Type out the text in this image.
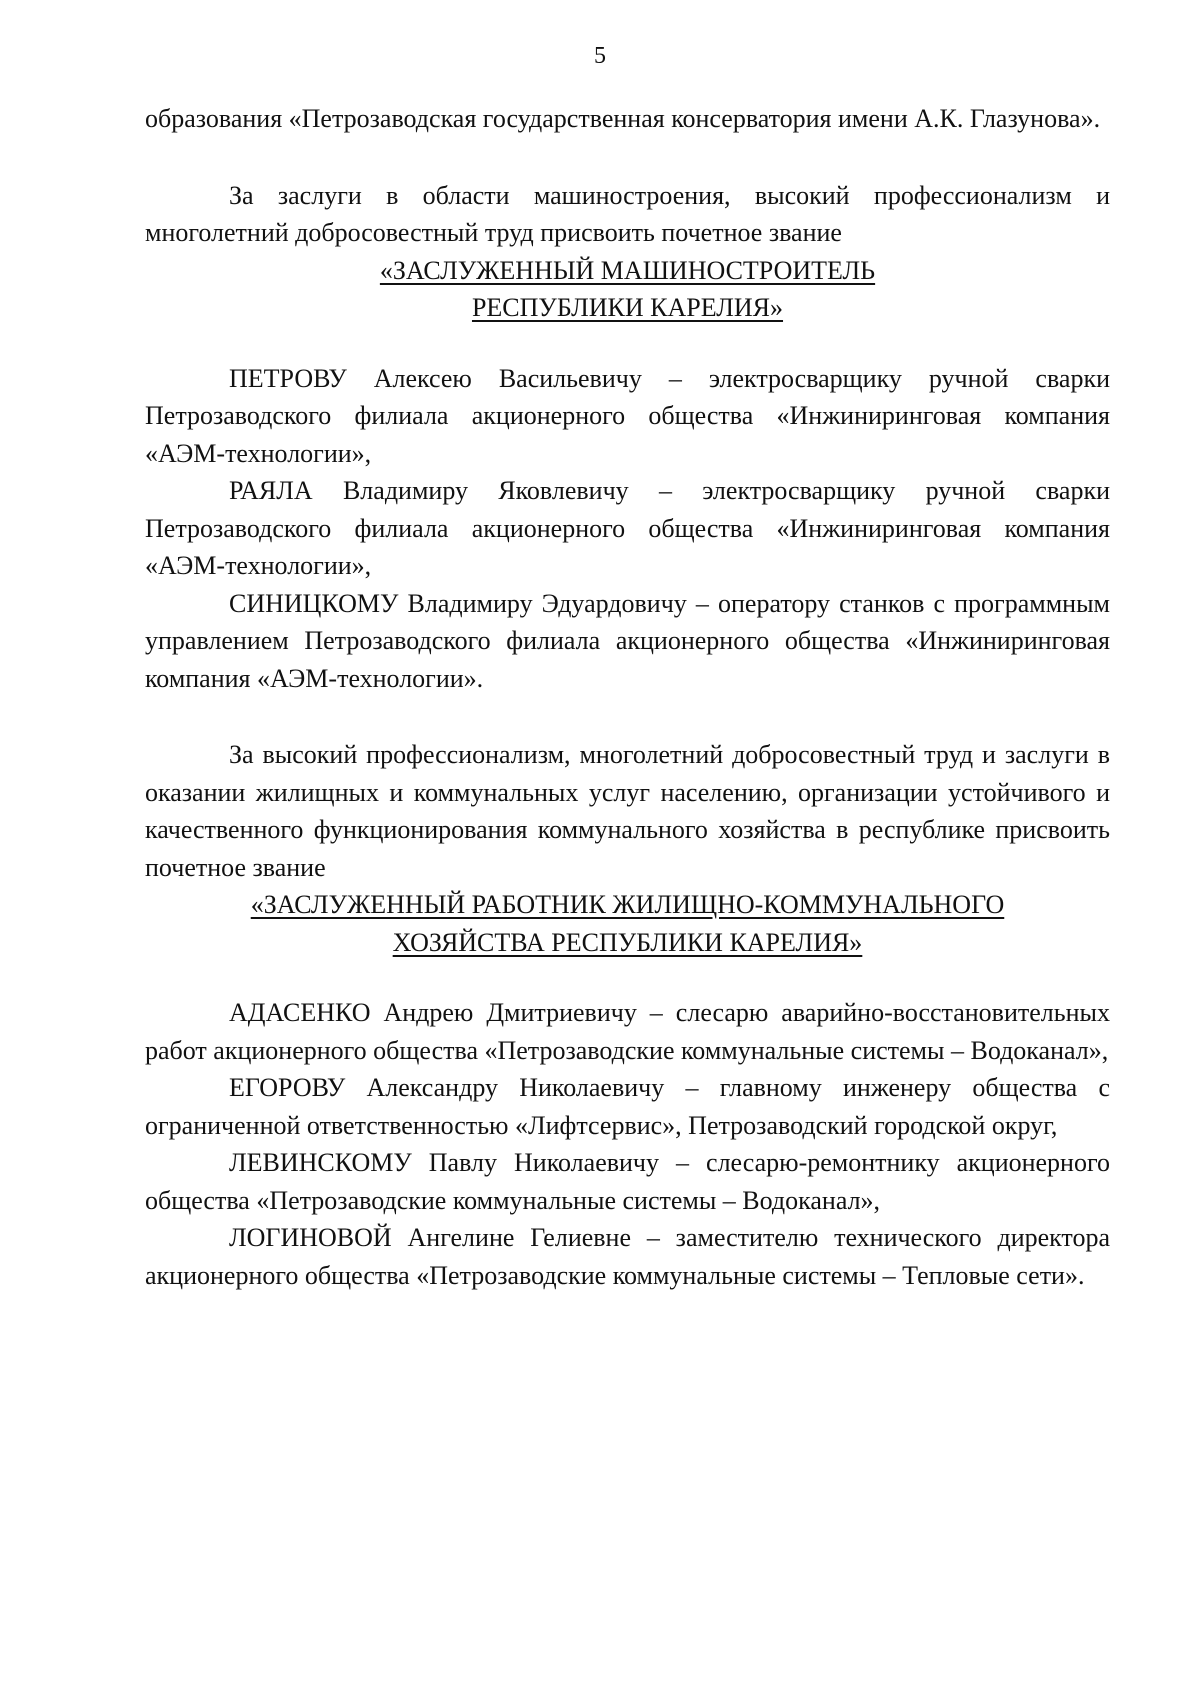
5

образования «Петрозаводская государственная консерватория имени А.К. Глазунова».

За заслуги в области машиностроения, высокий профессионализм и многолетний добросовестный труд присвоить почетное звание

«ЗАСЛУЖЕННЫЙ МАШИНОСТРОИТЕЛЬ
РЕСПУБЛИКИ КАРЕЛИЯ»

ПЕТРОВУ Алексею Васильевичу – электросварщику ручной сварки Петрозаводского филиала акционерного общества «Инжиниринговая компания «АЭМ-технологии»,

РАЯЛА Владимиру Яковлевичу – электросварщику ручной сварки Петрозаводского филиала акционерного общества «Инжиниринговая компания «АЭМ-технологии»,

СИНИЦКОМУ Владимиру Эдуардовичу – оператору станков с программным управлением Петрозаводского филиала акционерного общества «Инжиниринговая компания «АЭМ-технологии».

За высокий профессионализм, многолетний добросовестный труд и заслуги в оказании жилищных и коммунальных услуг населению, организации устойчивого и качественного функционирования коммунального хозяйства в республике присвоить почетное звание

«ЗАСЛУЖЕННЫЙ РАБОТНИК ЖИЛИЩНО-КОММУНАЛЬНОГО
ХОЗЯЙСТВА РЕСПУБЛИКИ КАРЕЛИЯ»

АДАСЕНКО Андрею Дмитриевичу – слесарю аварийно-восстановительных работ акционерного общества «Петрозаводские коммунальные системы – Водоканал»,

ЕГОРОВУ Александру Николаевичу – главному инженеру общества с ограниченной ответственностью «Лифтсервис», Петрозаводский городской округ,

ЛЕВИНСКОМУ Павлу Николаевичу – слесарю-ремонтнику акционерного общества «Петрозаводские коммунальные системы – Водоканал»,

ЛОГИНОВОЙ Ангелине Гелиевне – заместителю технического директора акционерного общества «Петрозаводские коммунальные системы – Тепловые сети».
